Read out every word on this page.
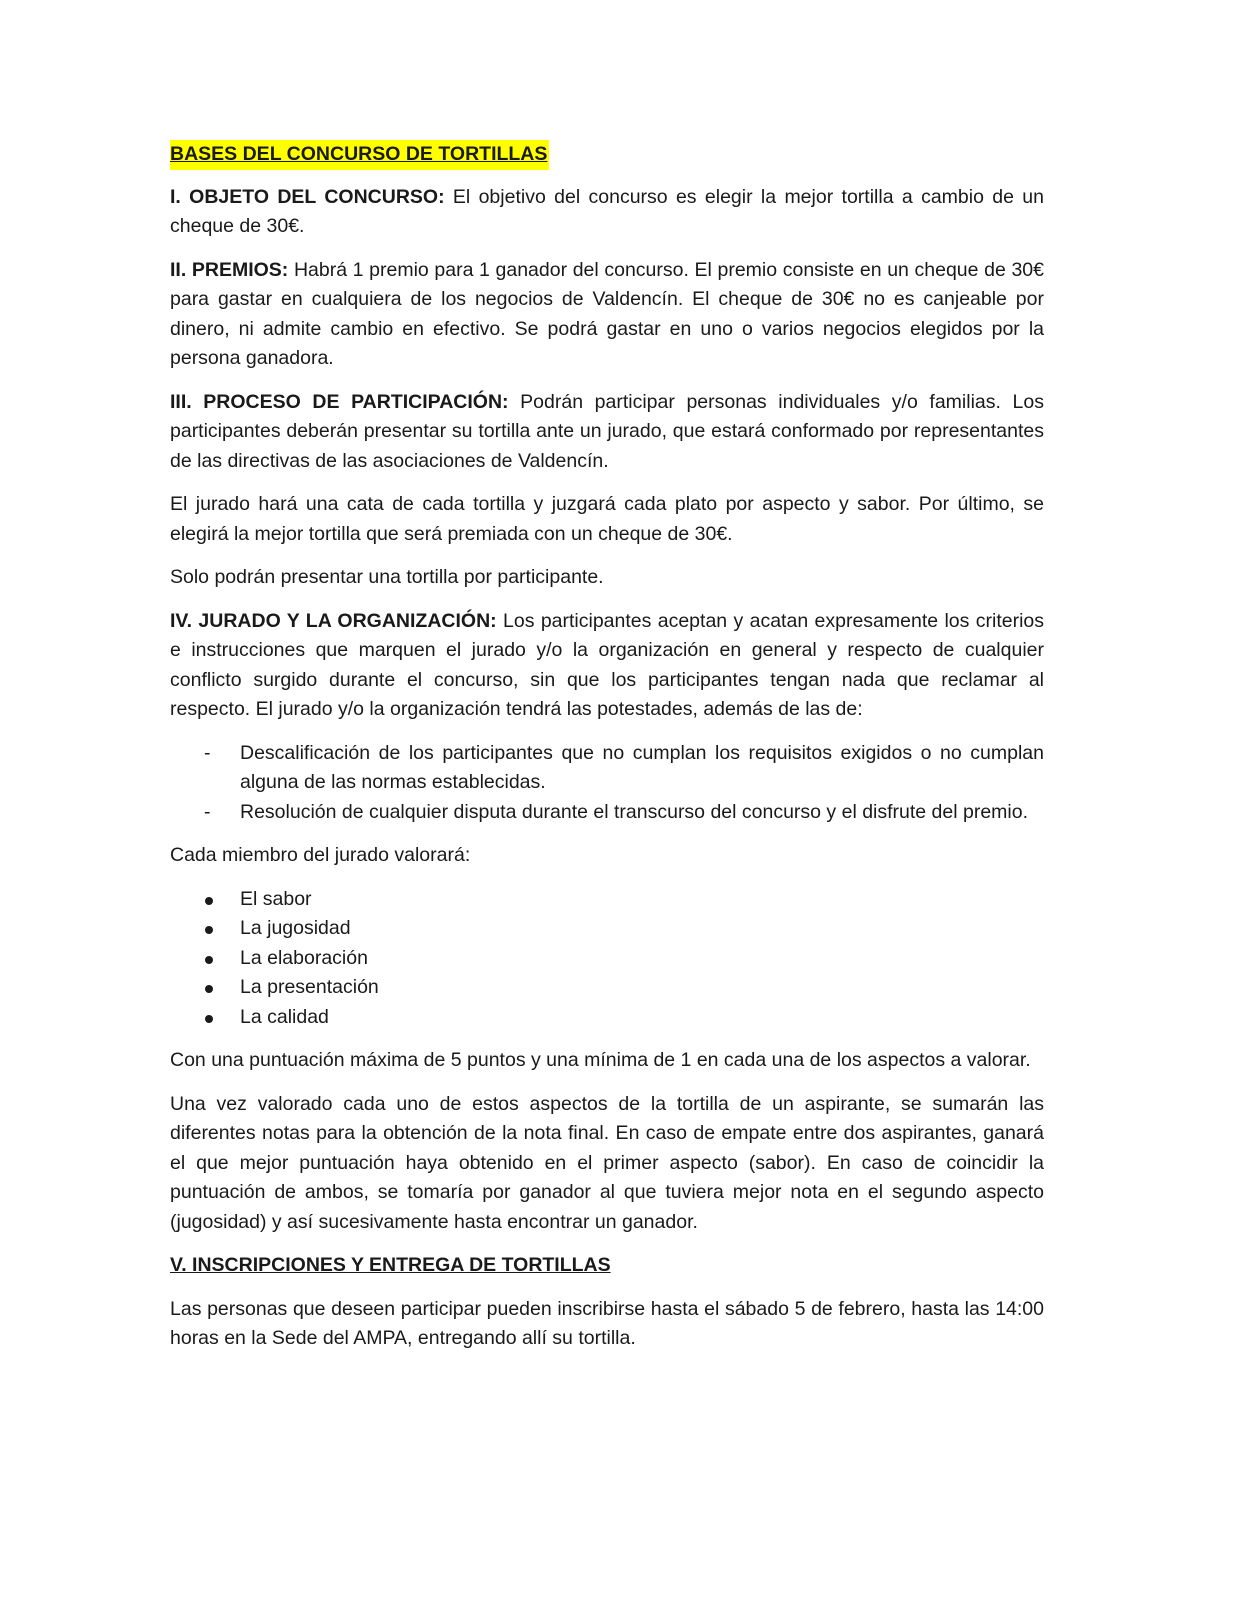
BASES DEL CONCURSO DE TORTILLAS

I. OBJETO DEL CONCURSO: El objetivo del concurso es elegir la mejor tortilla a cambio de un cheque de 30€.

II. PREMIOS: Habrá 1 premio para 1 ganador del concurso. El premio consiste en un cheque de 30€ para gastar en cualquiera de los negocios de Valdencín. El cheque de 30€ no es canjeable por dinero, ni admite cambio en efectivo. Se podrá gastar en uno o varios negocios elegidos por la persona ganadora.

III. PROCESO DE PARTICIPACIÓN: Podrán participar personas individuales y/o familias. Los participantes deberán presentar su tortilla ante un jurado, que estará conformado por representantes de las directivas de las asociaciones de Valdencín.

El jurado hará una cata de cada tortilla y juzgará cada plato por aspecto y sabor. Por último, se elegirá la mejor tortilla que será premiada con un cheque de 30€.

Solo podrán presentar una tortilla por participante.

IV. JURADO Y LA ORGANIZACIÓN: Los participantes aceptan y acatan expresamente los criterios e instrucciones que marquen el jurado y/o la organización en general y respecto de cualquier conflicto surgido durante el concurso, sin que los participantes tengan nada que reclamar al respecto. El jurado y/o la organización tendrá las potestades, además de las de:

- Descalificación de los participantes que no cumplan los requisitos exigidos o no cumplan alguna de las normas establecidas.
- Resolución de cualquier disputa durante el transcurso del concurso y el disfrute del premio.

Cada miembro del jurado valorará:

El sabor
La jugosidad
La elaboración
La presentación
La calidad

Con una puntuación máxima de 5 puntos y una mínima de 1 en cada una de los aspectos a valorar.

Una vez valorado cada uno de estos aspectos de la tortilla de un aspirante, se sumarán las diferentes notas para la obtención de la nota final. En caso de empate entre dos aspirantes, ganará el que mejor puntuación haya obtenido en el primer aspecto (sabor). En caso de coincidir la puntuación de ambos, se tomaría por ganador al que tuviera mejor nota en el segundo aspecto (jugosidad) y así sucesivamente hasta encontrar un ganador.

V. INSCRIPCIONES Y ENTREGA DE TORTILLAS

Las personas que deseen participar pueden inscribirse hasta el sábado 5 de febrero, hasta las 14:00 horas en la Sede del AMPA, entregando allí su tortilla.
